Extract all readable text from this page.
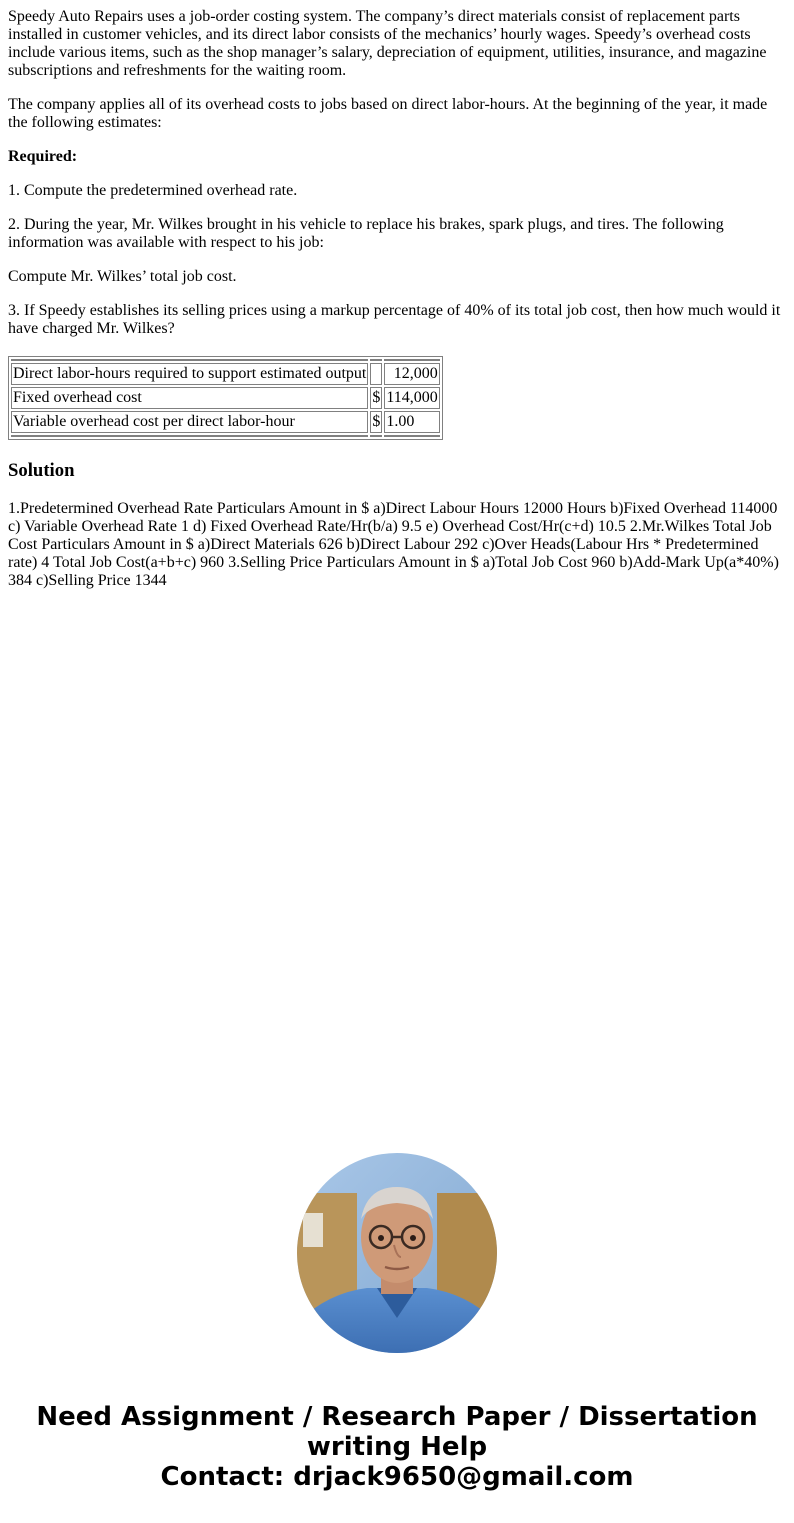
Speedy Auto Repairs uses a job-order costing system. The company’s direct materials consist of replacement parts installed in customer vehicles, and its direct labor consists of the mechanics’ hourly wages. Speedy’s overhead costs include various items, such as the shop manager’s salary, depreciation of equipment, utilities, insurance, and magazine subscriptions and refreshments for the waiting room.

The company applies all of its overhead costs to jobs based on direct labor-hours. At the beginning of the year, it made the following estimates:

Required:

1. Compute the predetermined overhead rate.

2. During the year, Mr. Wilkes brought in his vehicle to replace his brakes, spark plugs, and tires. The following information was available with respect to his job:

Compute Mr. Wilkes’ total job cost.

3. If Speedy establishes its selling prices using a markup percentage of 40% of its total job cost, then how much would it have charged Mr. Wilkes?

Direct labor-hours required to support estimated output		12,000
Fixed overhead cost	$	114,000
Variable overhead cost per direct labor-hour	$	1.00

Solution

1.Predetermined Overhead Rate Particulars Amount in $ a)Direct Labour Hours 12000 Hours b)Fixed Overhead 114000 c) Variable Overhead Rate 1 d) Fixed Overhead Rate/Hr(b/a) 9.5 e) Overhead Cost/Hr(c+d) 10.5 2.Mr.Wilkes Total Job Cost Particulars Amount in $ a)Direct Materials 626 b)Direct Labour 292 c)Over Heads(Labour Hrs * Predetermined rate) 4 Total Job Cost(a+b+c) 960 3.Selling Price Particulars Amount in $ a)Total Job Cost 960 b)Add-Mark Up(a*40%) 384 c)Selling Price 1344

Need Assignment / Research Paper / Dissertation
writing Help
Contact: drjack9650@gmail.com
